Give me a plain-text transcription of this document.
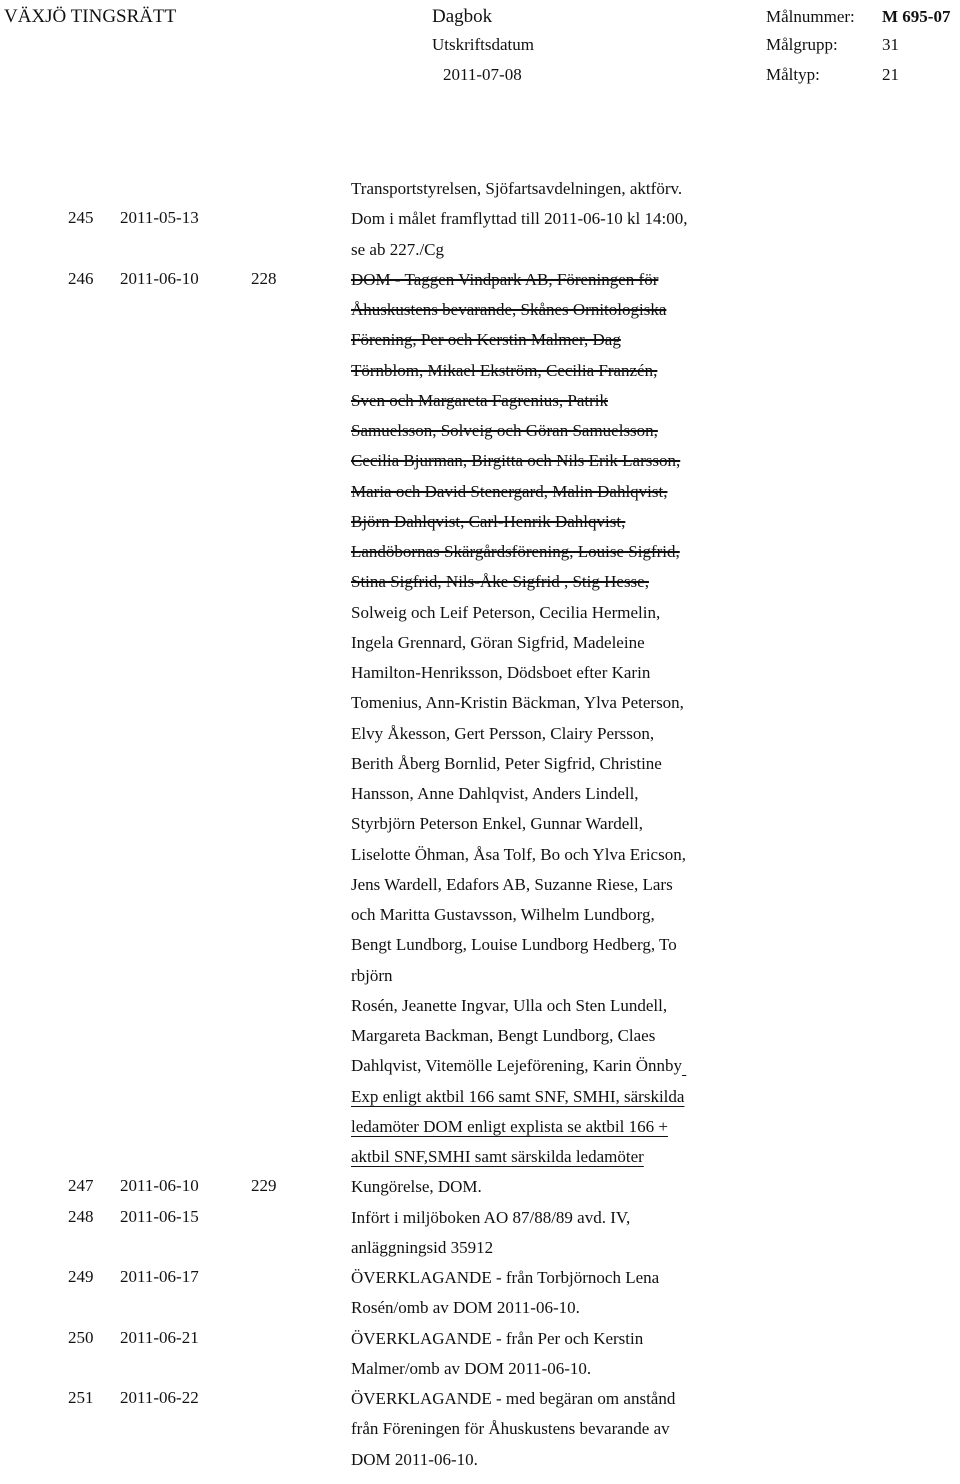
VÄXJÖ TINGSRÄTT	Dagbok
Utskriftsdatum
2011-07-08
Målnummer: M 695-07
Målgrupp:	31
Måltyp:	21
Transportstyrelsen, Sjöfartsavdelningen, aktförv.
245 2011-05-13	Dom i målet framflyttad till 2011-06-10 kl 14:00,
se ab 227./Cg
246 2011-06-10	228	DOM - Taggen Vindpark AB, Föreningen för
Åhuskustens bevarande, Skånes Ornitologiska
Förening, Per och Kerstin Malmer, Dag
Törnblom, Mikael Ekström, Cecilia Franzén,
Sven och Margareta Fagrenius, Patrik
Samuelsson, Solveig och Göran Samuelsson,
Cecilia Bjurman, Birgitta och Nils Erik Larsson,
Maria och David Stenergard, Malin Dahlqvist,
Björn Dahlqvist, Carl-Henrik Dahlqvist,
Landöbornas Skärgårdsförening, Louise Sigfrid,
Stina Sigfrid, Nils-Åke Sigfrid , Stig Hesse,
Solweig och Leif Peterson, Cecilia Hermelin,
Ingela Grennard, Göran Sigfrid, Madeleine
Hamilton-Henriksson, Dödsboet efter Karin
Tomenius, Ann-Kristin Bäckman, Ylva Peterson,
Elvy Åkesson, Gert Persson, Clairy Persson,
Berith Åberg Bornlid, Peter Sigfrid, Christine
Hansson, Anne Dahlqvist, Anders Lindell,
Styrbjörn Peterson Enkel, Gunnar Wardell,
Liselotte Öhman, Åsa Tolf, Bo och Ylva Ericson,
Jens Wardell, Edafors AB, Suzanne Riese, Lars
och Maritta Gustavsson, Wilhelm Lundborg,
Bengt Lundborg, Louise Lundborg Hedberg, To
rbjörn
Rosén, Jeanette Ingvar, Ulla och Sten Lundell,
Margareta Backman, Bengt Lundborg, Claes
Dahlqvist, Vitemölle Lejeförening, Karin Önnby
Exp enligt aktbil 166 samt SNF, SMHI, särskilda
ledamöter DOM enligt explista se aktbil 166 +
aktbil SNF,SMHI samt särskilda ledamöter
247 2011-06-10	229	Kungörelse, DOM.
248 2011-06-15	Infört i miljöboken AO 87/88/89 avd. IV,
anläggningsid 35912
249 2011-06-17	ÖVERKLAGANDE - från Torbjörnoch Lena
Rosén/omb av DOM 2011-06-10.
250 2011-06-21	ÖVERKLAGANDE - från Per och Kerstin
Malmer/omb av DOM 2011-06-10.
251 2011-06-22	ÖVERKLAGANDE - med begäran om anstånd
från Föreningen för Åhuskustens bevarande av
DOM 2011-06-10.
